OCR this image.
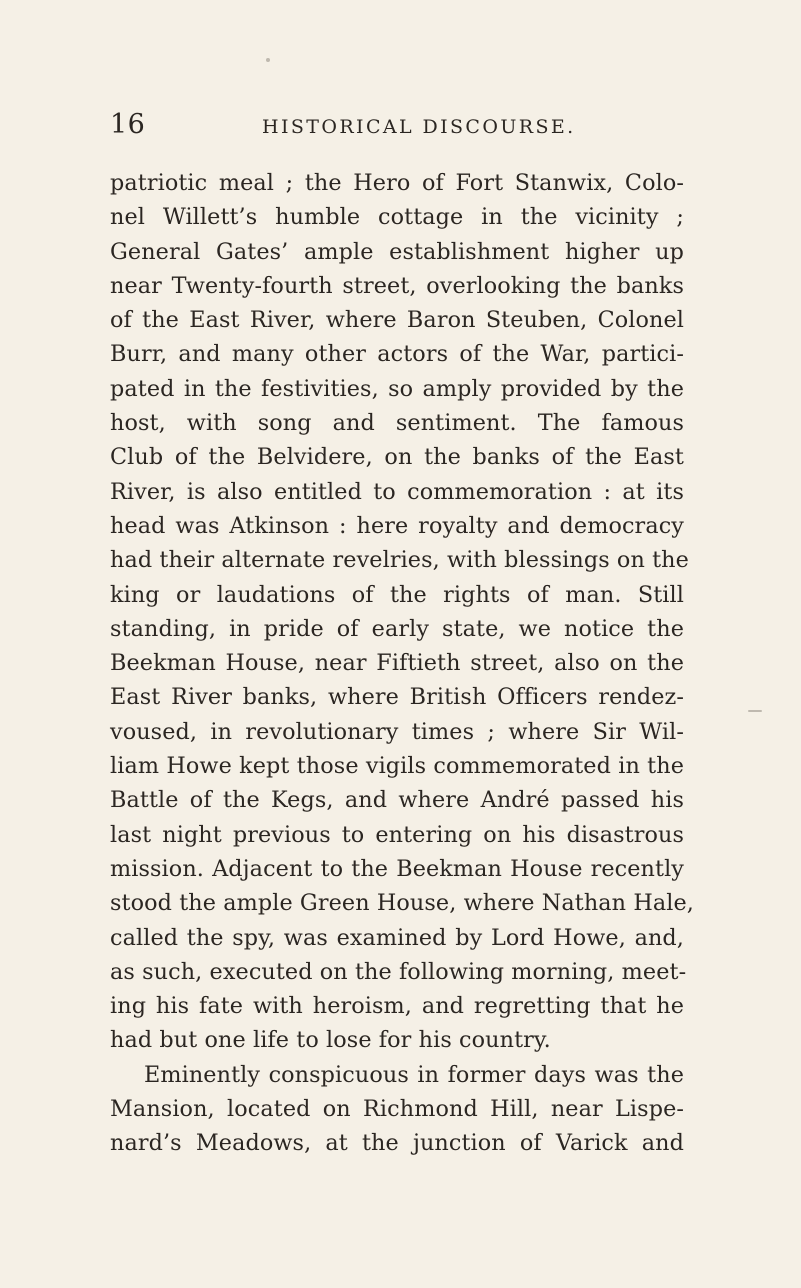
16	HISTORICAL DISCOURSE.
patriotic meal ; the Hero of Fort Stanwix, Colo-
nel Willett’s humble cottage in the vicinity ;
General Gates’ ample establishment higher up
near Twenty-fourth street, overlooking the banks
of the East River, where Baron Steuben, Colonel
Burr, and many other actors of the War, partici-
pated in the festivities, so amply provided by the
host, with song and sentiment. The famous
Club of the Belvidere, on the banks of the East
River, is also entitled to commemoration : at its
head was Atkinson : here royalty and democracy
had their alternate revelries, with blessings on the
king or laudations of the rights of man. Still
standing, in pride of early state, we notice the
Beekman House, near Fiftieth street, also on the
East River banks, where British Officers rendez-
voused, in revolutionary times ; where Sir Wil-
liam Howe kept those vigils commemorated in the
Battle of the Kegs, and where André passed his
last night previous to entering on his disastrous
mission. Adjacent to the Beekman House recently
stood the ample Green House, where Nathan Hale,
called the spy, was examined by Lord Howe, and,
as such, executed on the following morning, meet-
ing his fate with heroism, and regretting that he
had but one life to lose for his country.
Eminently conspicuous in former days was the
Mansion, located on Richmond Hill, near Lispe-
nard’s Meadows, at the junction of Varick and
